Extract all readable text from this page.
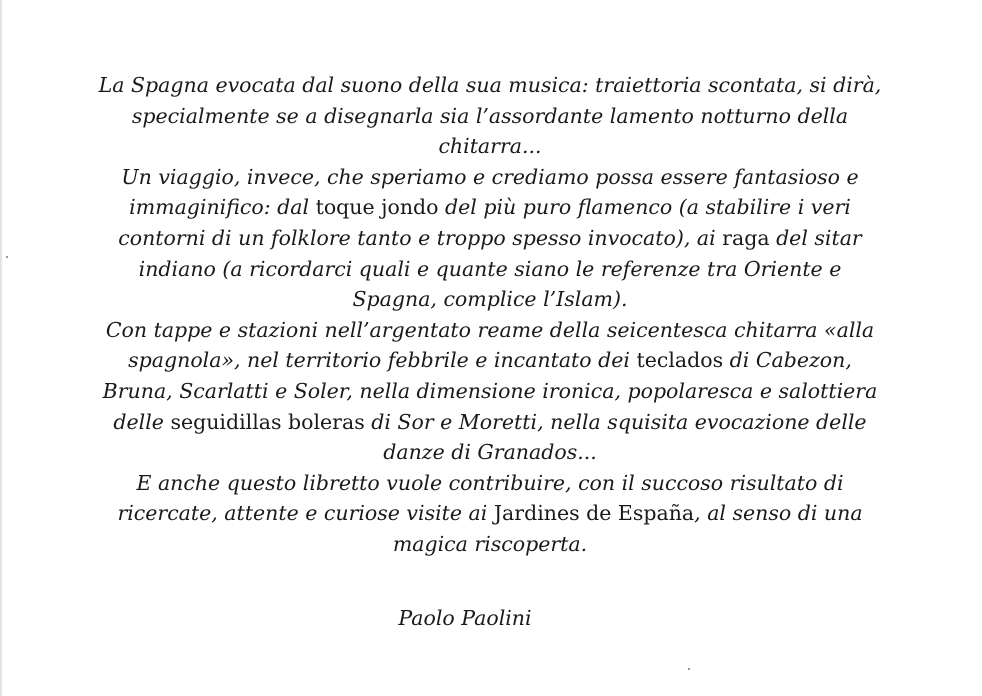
La Spagna evocata dal suono della sua musica: traiettoria scontata, si dirà,
specialmente se a disegnarla sia l’assordante lamento notturno della
chitarra...
Un viaggio, invece, che speriamo e crediamo possa essere fantasioso e
immaginifico: dal toque jondo del più puro flamenco (a stabilire i veri
contorni di un folklore tanto e troppo spesso invocato), ai raga del sitar
indiano (a ricordarci quali e quante siano le referenze tra Oriente e
Spagna, complice l’Islam).
Con tappe e stazioni nell’argentato reame della seicentesca chitarra «alla
spagnola», nel territorio febbrile e incantato dei teclados di Cabezon,
Bruna, Scarlatti e Soler, nella dimensione ironica, popolaresca e salottiera
delle seguidillas boleras di Sor e Moretti, nella squisita evocazione delle
danze di Granados...
E anche questo libretto vuole contribuire, con il succoso risultato di
ricercate, attente e curiose visite ai Jardines de España, al senso di una
magica riscoperta.
Paolo Paolini
